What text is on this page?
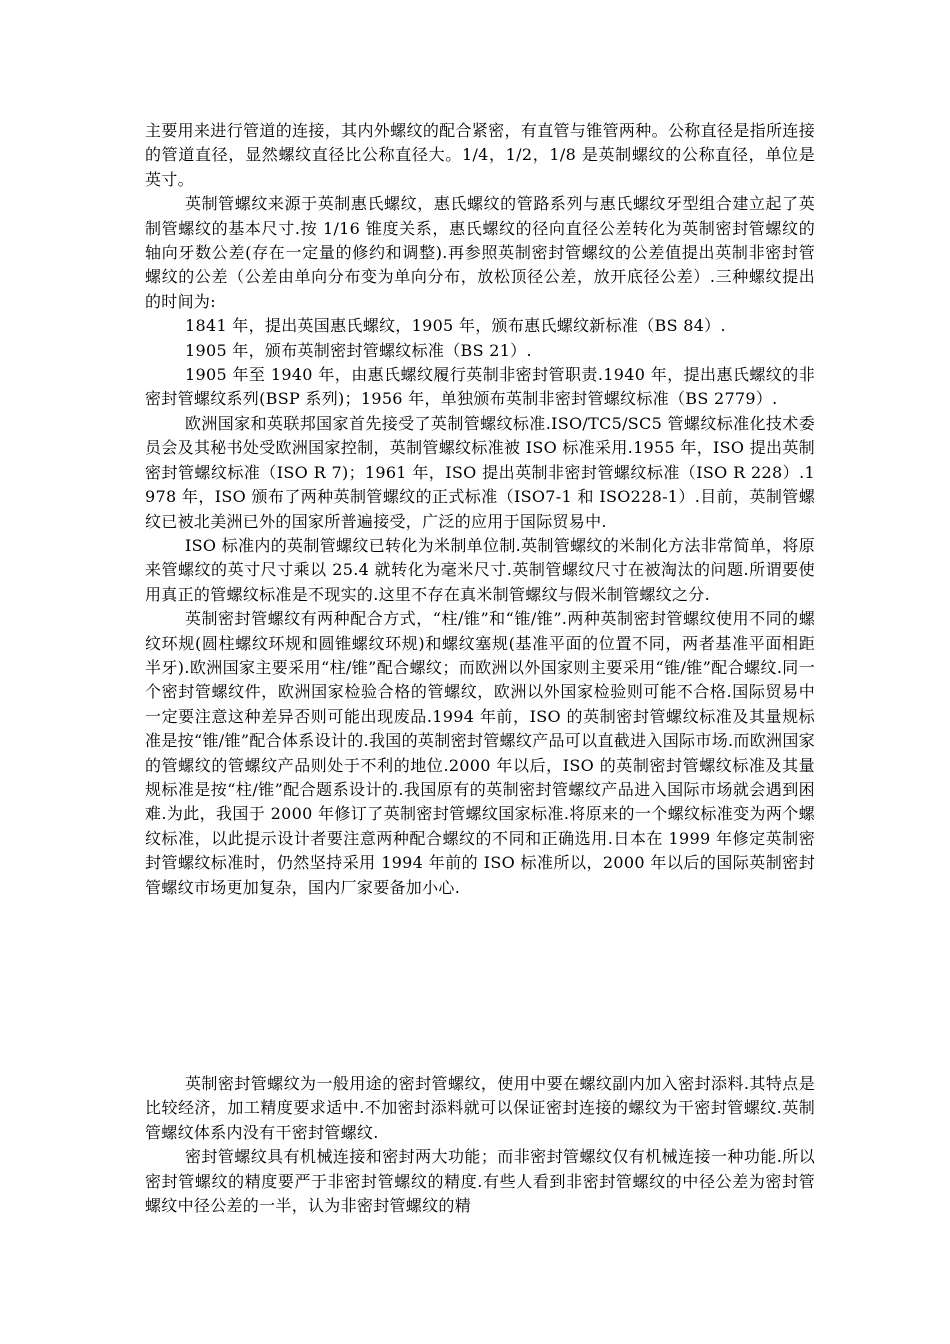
主要用来进行管道的连接，其内外螺纹的配合紧密，有直管与锥管两种。公称直径是指所连接的管道直径，显然螺纹直径比公称直径大。1/4，1/2，1/8 是英制螺纹的公称直径，单位是英寸。

英制管螺纹来源于英制惠氏螺纹，惠氏螺纹的管路系列与惠氏螺纹牙型组合建立起了英制管螺纹的基本尺寸.按 1/16 锥度关系，惠氏螺纹的径向直径公差转化为英制密封管螺纹的轴向牙数公差(存在一定量的修约和调整).再参照英制密封管螺纹的公差值提出英制非密封管螺纹的公差（公差由单向分布变为单向分布，放松顶径公差，放开底径公差）.三种螺纹提出的时间为:

1841 年，提出英国惠氏螺纹，1905 年，颁布惠氏螺纹新标准（BS 84）.

1905 年，颁布英制密封管螺纹标准（BS 21）.

1905 年至 1940 年，由惠氏螺纹履行英制非密封管职责.1940 年，提出惠氏螺纹的非密封管螺纹系列(BSP 系列)；1956 年，单独颁布英制非密封管螺纹标准（BS 2779）.

欧洲国家和英联邦国家首先接受了英制管螺纹标准.ISO/TC5/SC5 管螺纹标准化技术委员会及其秘书处受欧洲国家控制，英制管螺纹标准被 ISO 标准采用.1955 年，ISO 提出英制密封管螺纹标准（ISO R 7)；1961 年，ISO 提出英制非密封管螺纹标准（ISO R 228）.1978 年，ISO 颁布了两种英制管螺纹的正式标准（ISO7-1 和 ISO228-1）.目前，英制管螺纹已被北美洲已外的国家所普遍接受，广泛的应用于国际贸易中.

ISO 标准内的英制管螺纹已转化为米制单位制.英制管螺纹的米制化方法非常简单，将原来管螺纹的英寸尺寸乘以 25.4 就转化为毫米尺寸.英制管螺纹尺寸在被淘汰的问题.所谓要使用真正的管螺纹标准是不现实的.这里不存在真米制管螺纹与假米制管螺纹之分.

英制密封管螺纹有两种配合方式，“柱/锥”和“锥/锥”.两种英制密封管螺纹使用不同的螺纹环规(圆柱螺纹环规和圆锥螺纹环规)和螺纹塞规(基准平面的位置不同，两者基准平面相距半牙).欧洲国家主要采用“柱/锥”配合螺纹；而欧洲以外国家则主要采用“锥/锥”配合螺纹.同一个密封管螺纹件，欧洲国家检验合格的管螺纹，欧洲以外国家检验则可能不合格.国际贸易中一定要注意这种差异否则可能出现废品.1994 年前，ISO 的英制密封管螺纹标准及其量规标准是按“锥/锥”配合体系设计的.我国的英制密封管螺纹产品可以直截进入国际市场.而欧洲国家的管螺纹的管螺纹产品则处于不利的地位.2000 年以后，ISO 的英制密封管螺纹标准及其量规标准是按“柱/锥”配合题系设计的.我国原有的英制密封管螺纹产品进入国际市场就会遇到困难.为此，我国于 2000 年修订了英制密封管螺纹国家标准.将原来的一个螺纹标准变为两个螺纹标准，以此提示设计者要注意两种配合螺纹的不同和正确选用.日本在 1999 年修定英制密封管螺纹标准时，仍然坚持采用 1994 年前的 ISO 标准所以，2000 年以后的国际英制密封管螺纹市场更加复杂，国内厂家要备加小心.

英制密封管螺纹为一般用途的密封管螺纹，使用中要在螺纹副内加入密封添料.其特点是比较经济，加工精度要求适中.不加密封添料就可以保证密封连接的螺纹为干密封管螺纹.英制管螺纹体系内没有干密封管螺纹.

密封管螺纹具有机械连接和密封两大功能；而非密封管螺纹仅有机械连接一种功能.所以密封管螺纹的精度要严于非密封管螺纹的精度.有些人看到非密封管螺纹的中径公差为密封管螺纹中径公差的一半，认为非密封管螺纹的精
